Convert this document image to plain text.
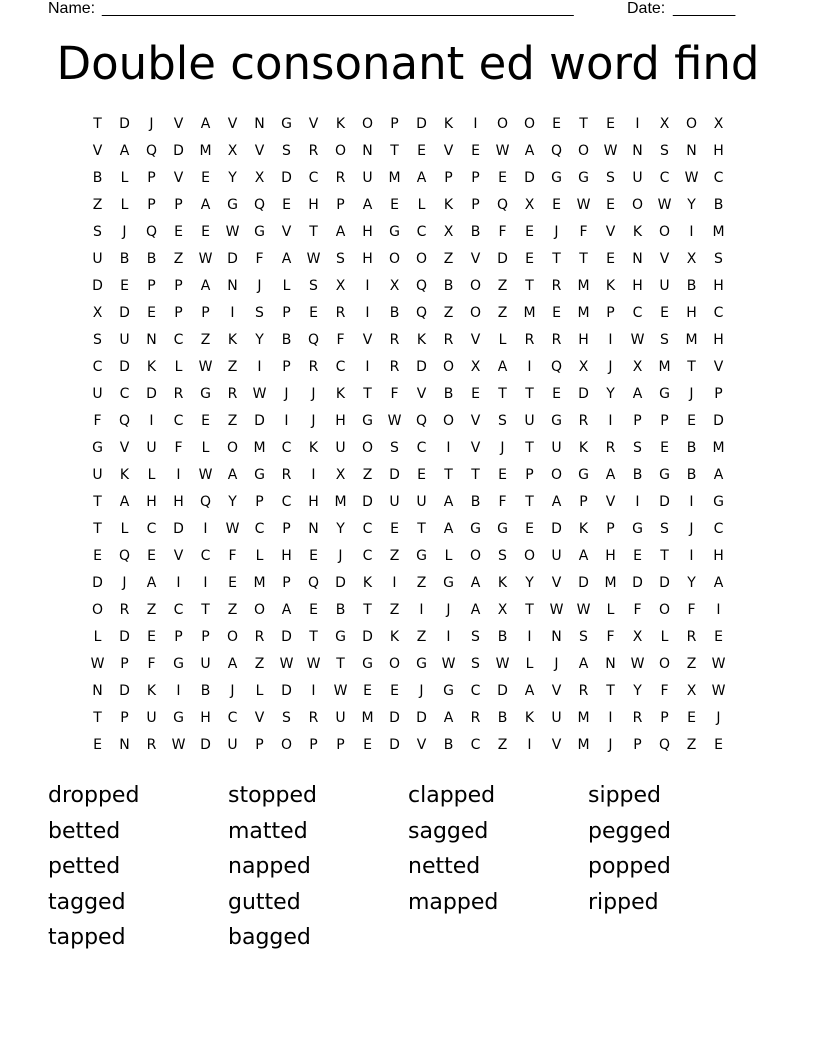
Name: _____________________________________________________	Date: _______
Double consonant ed word find
T	D	J	V	A	V	N	G	V	K	O	P	D	K	I	O	O	E	T	E	I	X	O	X
V	A	Q	D	M	X	V	S	R	O	N	T	E	V	E	W	A	Q	O	W	N	S	N	H
B	L	P	V	E	Y	X	D	C	R	U	M	A	P	P	E	D	G	G	S	U	C	W	C
Z	L	P	P	A	G	Q	E	H	P	A	E	L	K	P	Q	X	E	W	E	O	W	Y	B
S	J	Q	E	E	W	G	V	T	A	H	G	C	X	B	F	E	J	F	V	K	O	I	M
U	B	B	Z	W	D	F	A	W	S	H	O	O	Z	V	D	E	T	T	E	N	V	X	S
D	E	P	P	A	N	J	L	S	X	I	X	Q	B	O	Z	T	R	M	K	H	U	B	H
X	D	E	P	P	I	S	P	E	R	I	B	Q	Z	O	Z	M	E	M	P	C	E	H	C
S	U	N	C	Z	K	Y	B	Q	F	V	R	K	R	V	L	R	R	H	I	W	S	M	H
C	D	K	L	W	Z	I	P	R	C	I	R	D	O	X	A	I	Q	X	J	X	M	T	V
U	C	D	R	G	R	W	J	J	K	T	F	V	B	E	T	T	E	D	Y	A	G	J	P
F	Q	I	C	E	Z	D	I	J	H	G	W	Q	O	V	S	U	G	R	I	P	P	E	D
G	V	U	F	L	O	M	C	K	U	O	S	C	I	V	J	T	U	K	R	S	E	B	M
U	K	L	I	W	A	G	R	I	X	Z	D	E	T	T	E	P	O	G	A	B	G	B	A
T	A	H	H	Q	Y	P	C	H	M	D	U	U	A	B	F	T	A	P	V	I	D	I	G
T	L	C	D	I	W	C	P	N	Y	C	E	T	A	G	G	E	D	K	P	G	S	J	C
E	Q	E	V	C	F	L	H	E	J	C	Z	G	L	O	S	O	U	A	H	E	T	I	H
D	J	A	I	I	E	M	P	Q	D	K	I	Z	G	A	K	Y	V	D	M	D	D	Y	A
O	R	Z	C	T	Z	O	A	E	B	T	Z	I	J	A	X	T	W W	L	F	O	F	I
L	D	E	P	P	O	R	D	T	G	D	K	Z	I	S	B	I	N	S	F	X	L	R	E
W	P	F	G	U	A	Z	W W	T	G	O	G	W	S	W	L	J	A	N	W	O	Z	W
N	D	K	I	B	J	L	D	I	W	E	E	J	G	C	D	A	V	R	T	Y	F	X	W
T	P	U	G	H	C	V	S	R	U	M	D	D	A	R	B	K	U	M	I	R	P	E	J
E	N	R	W	D	U	P	O	P	P	E	D	V	B	C	Z	I	V	M	J	P	Q	Z	E
dropped	stopped	clapped	sipped
betted	matted	sagged	pegged
petted	napped	netted	popped
tagged	gutted	mapped	ripped
tapped	bagged
